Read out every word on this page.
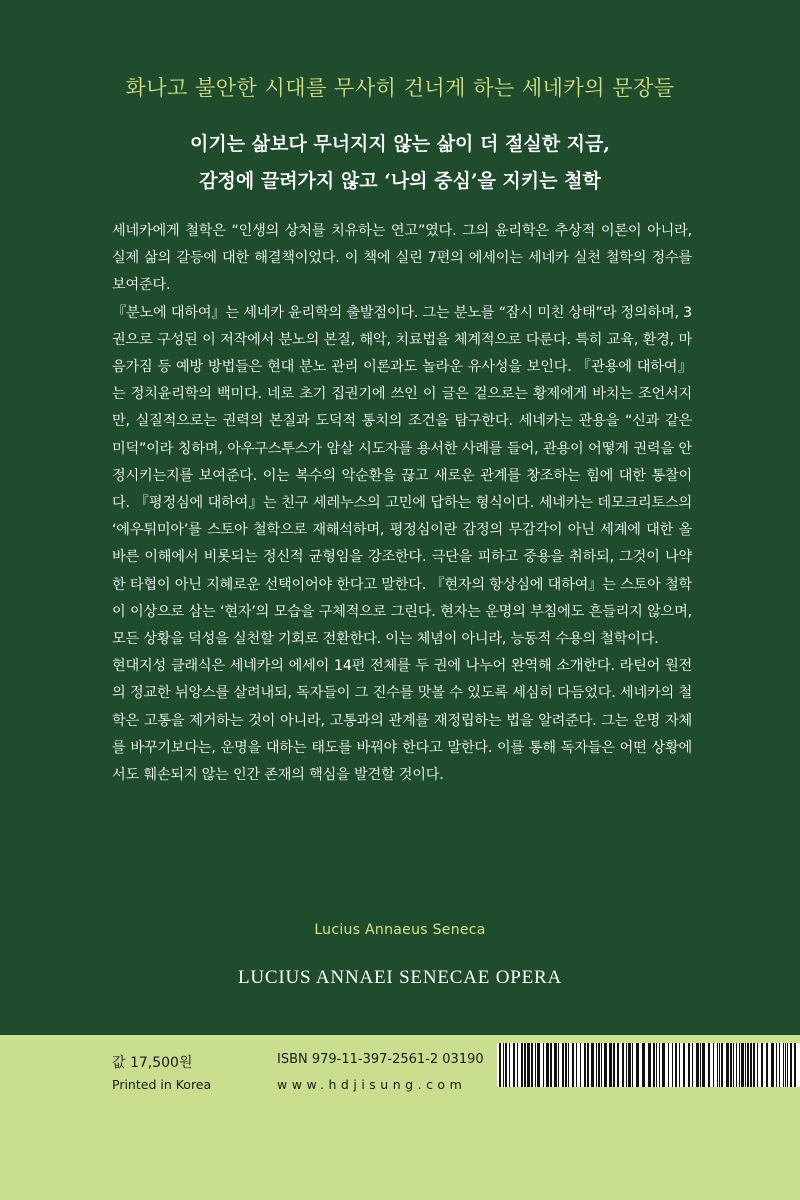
화나고 불안한 시대를 무사히 건너게 하는 세네카의 문장들
이기는 삶보다 무너지지 않는 삶이 더 절실한 지금,
감정에 끌려가지 않고 ‘나의 중심’을 지키는 철학

세네카에게 철학은 “인생의 상처를 치유하는 연고”였다. 그의 윤리학은 추상적 이론이 아니라, 실제 삶의 갈등에 대한 해결책이었다. 이 책에 실린 7편의 에세이는 세네카 실천 철학의 정수를 보여준다.

『분노에 대하여』는 세네카 윤리학의 출발점이다. 그는 분노를 “잠시 미친 상태”라 정의하며, 3권으로 구성된 이 저작에서 분노의 본질, 해악, 치료법을 체계적으로 다룬다. 특히 교육, 환경, 마음가짐 등 예방 방법들은 현대 분노 관리 이론과도 놀라운 유사성을 보인다. 『관용에 대하여』는 정치윤리학의 백미다. 네로 초기 집권기에 쓰인 이 글은 겉으로는 황제에게 바치는 조언서지만, 실질적으로는 권력의 본질과 도덕적 통치의 조건을 탐구한다. 세네카는 관용을 “신과 같은 미덕”이라 칭하며, 아우구스투스가 암살 시도자를 용서한 사례를 들어, 관용이 어떻게 권력을 안정시키는지를 보여준다. 이는 복수의 악순환을 끊고 새로운 관계를 창조하는 힘에 대한 통찰이다. 『평정심에 대하여』는 친구 세레누스의 고민에 답하는 형식이다. 세네카는 데모크리토스의 ‘에우튀미아’를 스토아 철학으로 재해석하며, 평정심이란 감정의 무감각이 아닌 세계에 대한 올바른 이해에서 비롯되는 정신적 균형임을 강조한다. 극단을 피하고 중용을 취하되, 그것이 나약한 타협이 아닌 지혜로운 선택이어야 한다고 말한다. 『현자의 항상심에 대하여』는 스토아 철학이 이상으로 삼는 ‘현자’의 모습을 구체적으로 그린다. 현자는 운명의 부침에도 흔들리지 않으며, 모든 상황을 덕성을 실천할 기회로 전환한다. 이는 체념이 아니라, 능동적 수용의 철학이다.

현대지성 클래식은 세네카의 에세이 14편 전체를 두 권에 나누어 완역해 소개한다. 라틴어 원전의 정교한 뉘앙스를 살려내되, 독자들이 그 진수를 맛볼 수 있도록 세심히 다듬었다. 세네카의 철학은 고통을 제거하는 것이 아니라, 고통과의 관계를 재정립하는 법을 알려준다. 그는 운명 자체를 바꾸기보다는, 운명을 대하는 태도를 바꿔야 한다고 말한다. 이를 통해 독자들은 어떤 상황에서도 훼손되지 않는 인간 존재의 핵심을 발견할 것이다.

Lucius Annaeus Seneca
LUCIUS ANNAEI SENECAE OPERA
값 17,500원
Printed in Korea
ISBN 979-11-397-2561-2 03190
www.hdjisung.com
